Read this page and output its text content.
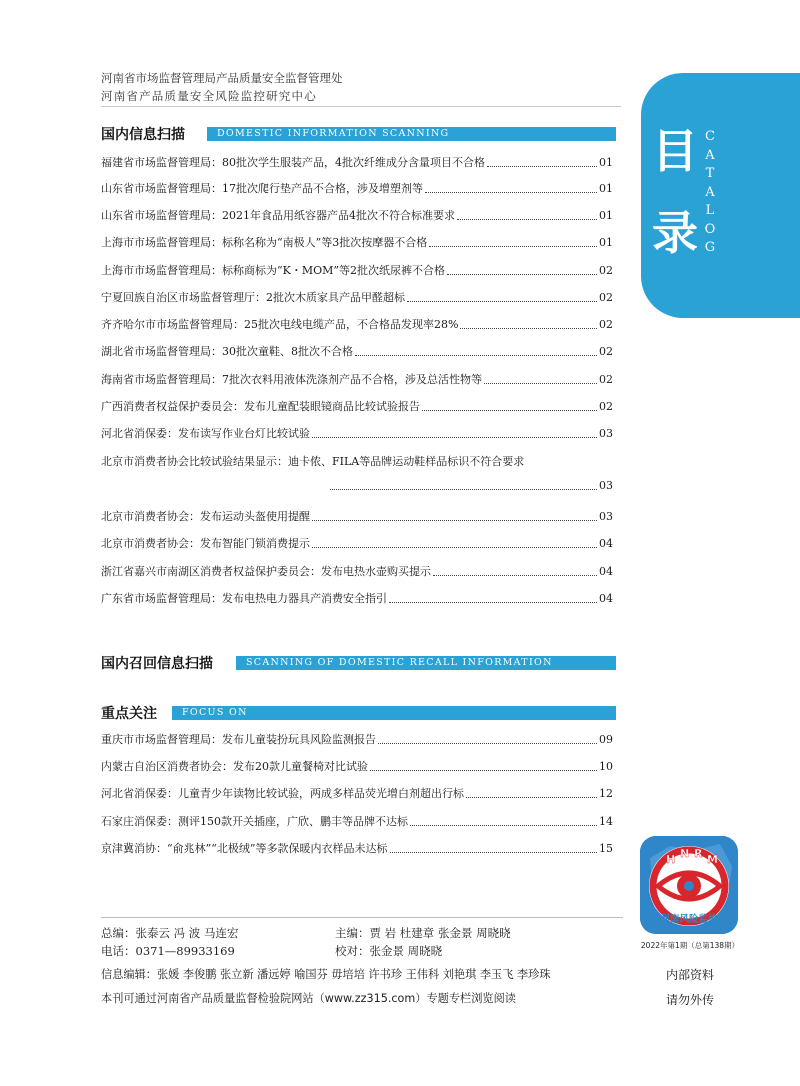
河南省市场监督管理局产品质量安全监督管理处
河南省产品质量安全风险监控研究中心
目
录
C
A
T
A
L
O
G
国内信息扫描	DOMESTIC INFORMATION SCANNING
福建省市场监督管理局：80批次学生服装产品，4批次纤维成分含量项目不合格	01
山东省市场监督管理局：17批次爬行垫产品不合格，涉及增塑剂等	01
山东省市场监督管理局：2021年食品用纸容器产品4批次不符合标准要求	01
上海市市场监督管理局：标称名称为“南极人”等3批次按摩器不合格	01
上海市市场监督管理局：标称商标为“K・MOM”等2批次纸尿裤不合格	02
宁夏回族自治区市场监督管理厅：2批次木质家具产品甲醛超标	02
齐齐哈尔市市场监督管理局：25批次电线电缆产品，不合格品发现率28%	02
湖北省市场监督管理局：30批次童鞋、8批次不合格	02
海南省市场监督管理局：7批次衣料用液体洗涤剂产品不合格，涉及总活性物等	02
广西消费者权益保护委员会：发布儿童配装眼镜商品比较试验报告	02
河北省消保委：发布读写作业台灯比较试验	03
北京市消费者协会比较试验结果显示：迪卡侬、FILA等品牌运动鞋样品标识不符合要求
03
北京市消费者协会：发布运动头盔使用提醒	03
北京市消费者协会：发布智能门锁消费提示	04
浙江省嘉兴市南湖区消费者权益保护委员会：发布电热水壶购买提示	04
广东省市场监督管理局：发布电热电力器具产消费安全指引	04
国内召回信息扫描	SCANNING OF DOMESTIC RECALL INFORMATION
重点关注	FOCUS ON
重庆市市场监督管理局：发布儿童装扮玩具风险监测报告	09
内蒙古自治区消费者协会：发布20款儿童餐椅对比试验	10
河北省消保委：儿童青少年读物比较试验，两成多样品荧光增白剂超出行标	12
石家庄消保委：测评150款开关插座，广欣、鹏丰等品牌不达标	14
京津冀消协：“俞兆林”“北极绒”等多款保暖内衣样品未达标	15
H N R M
河南风险监控
2022年第1期（总第138期）
内部资料
请勿外传
总编：张泰云 冯 波 马连宏	主编：贾 岩 杜建章 张金景 周晓晓
电话：0371—89933169	校对：张金景 周晓晓
信息编辑：张媛 李俊鹏 张立新 潘远婷 喻国芬 毋培培 许书珍 王伟科 刘艳琪 李玉飞 李珍珠
本刊可通过河南省产品质量监督检验院网站（www.zz315.com）专题专栏浏览阅读
